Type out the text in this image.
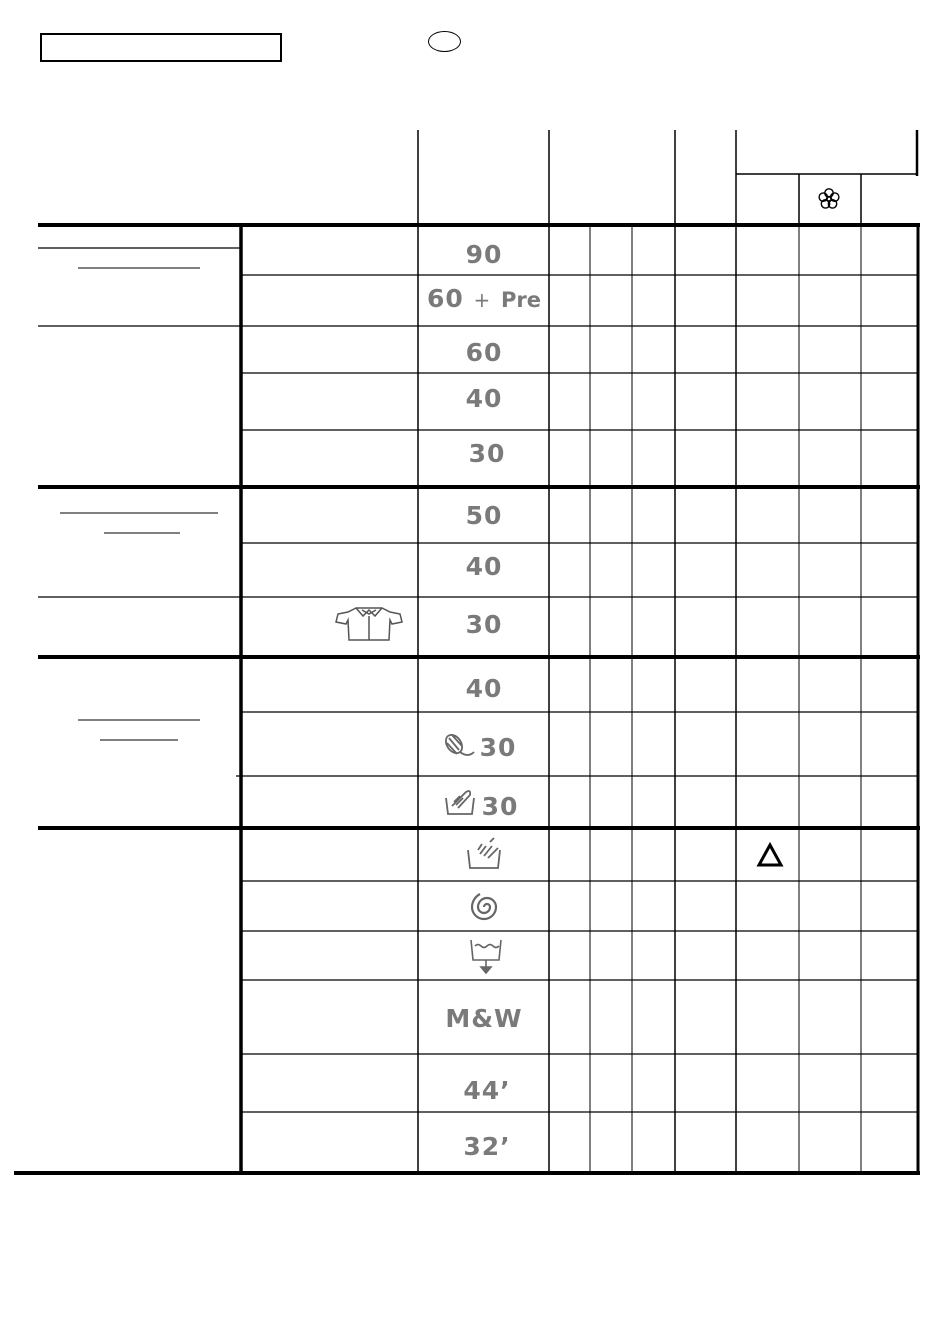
90
60 + Pre
60
40
30
50
40
30
40
30
30
M&W
44’
32’
